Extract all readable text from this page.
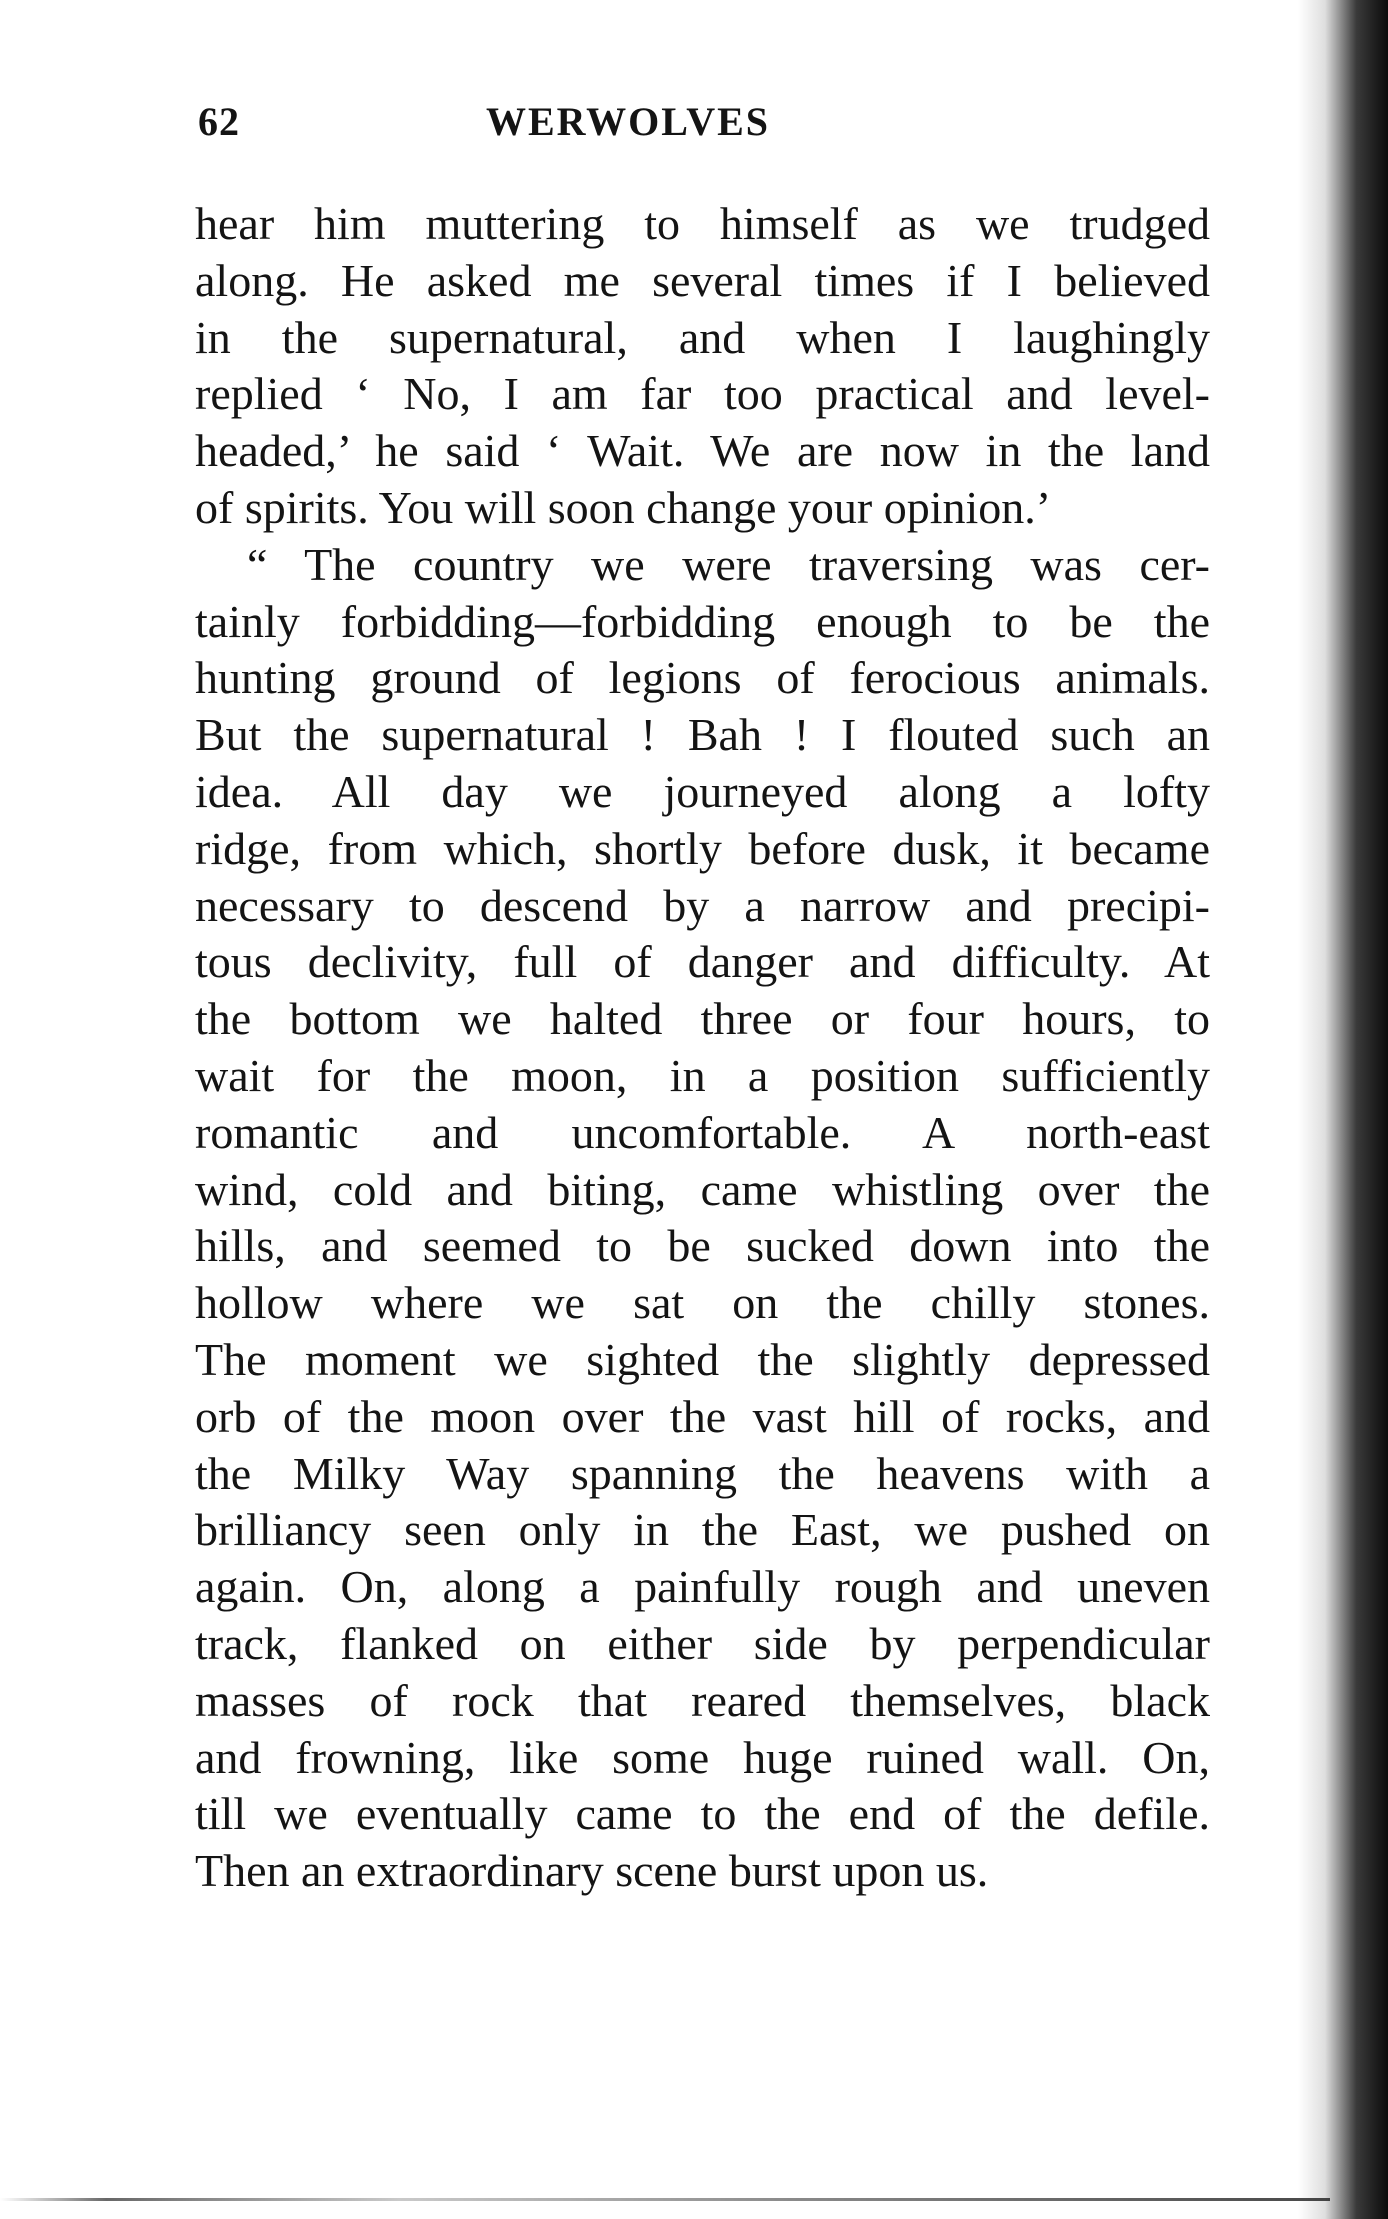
62	WERWOLVES
hear him muttering to himself as we trudged
along. He asked me several times if I believed
in the supernatural, and when I laughingly
replied ‘ No, I am far too practical and level-
headed,’ he said ‘ Wait. We are now in the land
of spirits. You will soon change your opinion.’
“ The country we were traversing was cer-
tainly forbidding—forbidding enough to be the
hunting ground of legions of ferocious animals.
But the supernatural ! Bah ! I flouted such an
idea. All day we journeyed along a lofty
ridge, from which, shortly before dusk, it became
necessary to descend by a narrow and precipi-
tous declivity, full of danger and difficulty. At
the bottom we halted three or four hours, to
wait for the moon, in a position sufficiently
romantic and uncomfortable. A north-east
wind, cold and biting, came whistling over the
hills, and seemed to be sucked down into the
hollow where we sat on the chilly stones.
The moment we sighted the slightly depressed
orb of the moon over the vast hill of rocks, and
the Milky Way spanning the heavens with a
brilliancy seen only in the East, we pushed on
again. On, along a painfully rough and uneven
track, flanked on either side by perpendicular
masses of rock that reared themselves, black
and frowning, like some huge ruined wall. On,
till we eventually came to the end of the defile.
Then an extraordinary scene burst upon us.
